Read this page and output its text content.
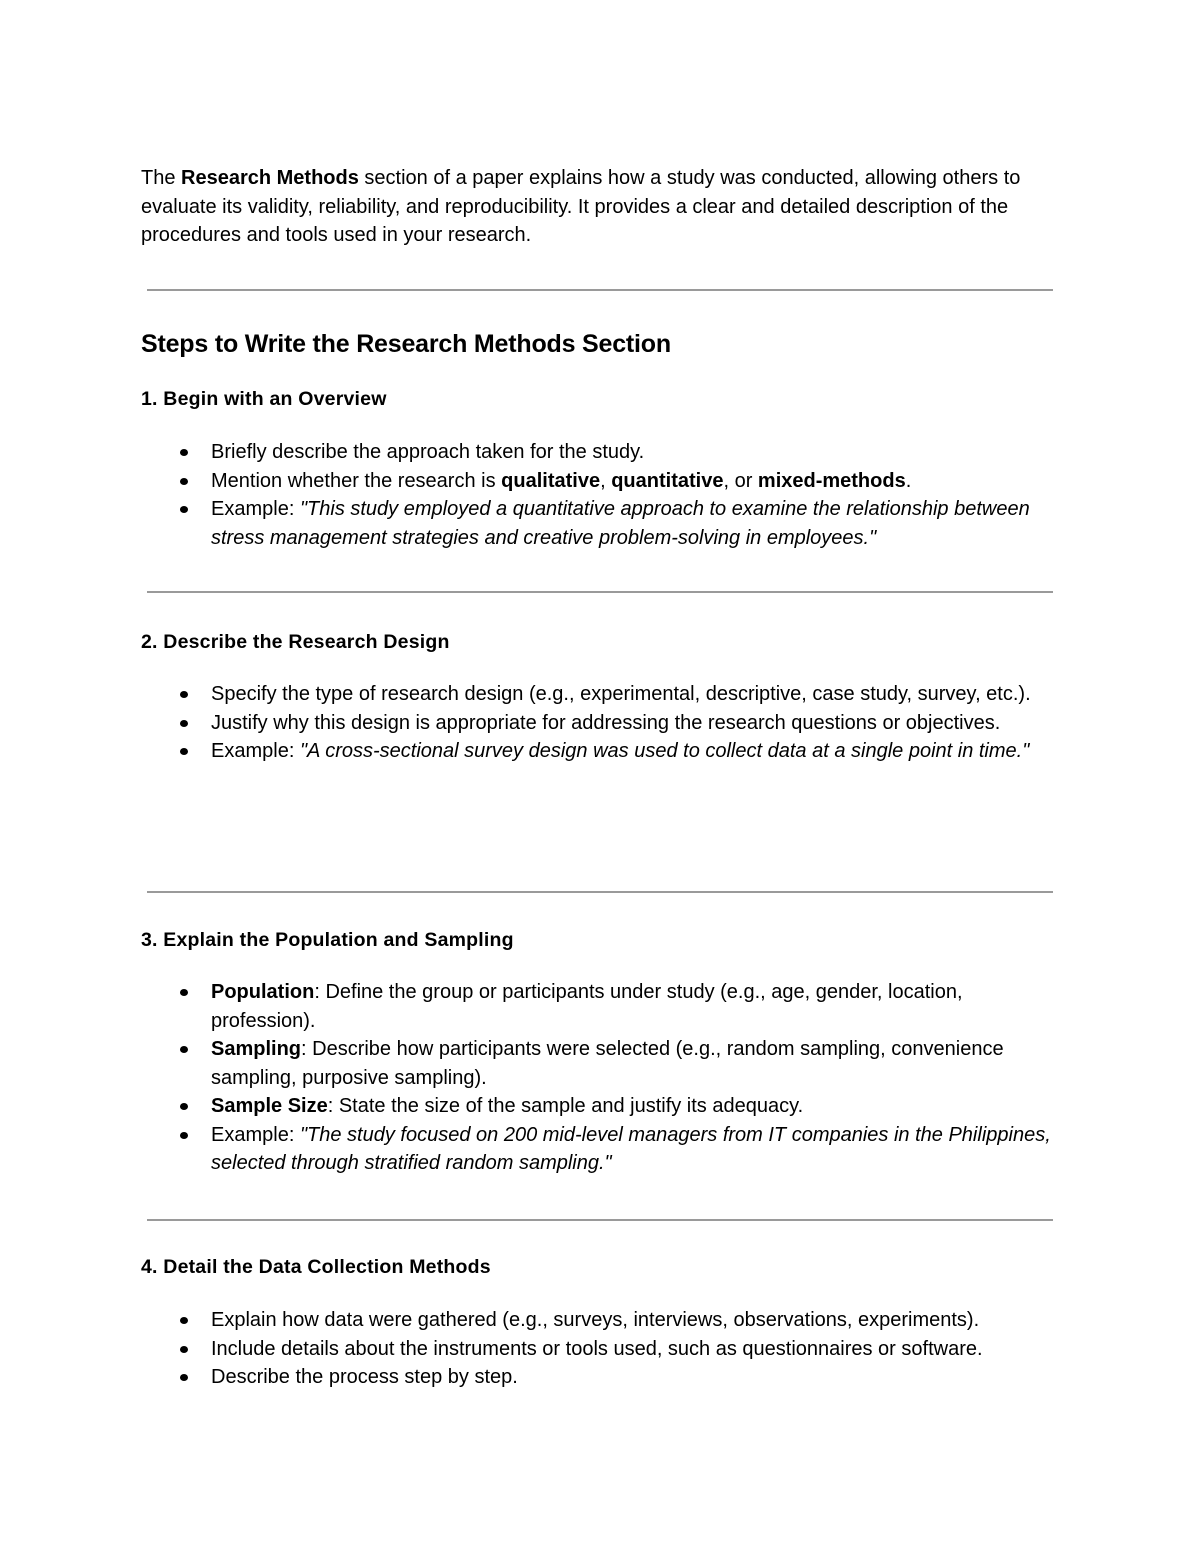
The Research Methods section of a paper explains how a study was conducted, allowing others to evaluate its validity, reliability, and reproducibility. It provides a clear and detailed description of the procedures and tools used in your research.

Steps to Write the Research Methods Section
1. Begin with an Overview
Briefly describe the approach taken for the study.
Mention whether the research is qualitative, quantitative, or mixed-methods.
Example: "This study employed a quantitative approach to examine the relationship between stress management strategies and creative problem-solving in employees."
2. Describe the Research Design
Specify the type of research design (e.g., experimental, descriptive, case study, survey, etc.).
Justify why this design is appropriate for addressing the research questions or objectives.
Example: "A cross-sectional survey design was used to collect data at a single point in time."
3. Explain the Population and Sampling
Population: Define the group or participants under study (e.g., age, gender, location, profession).
Sampling: Describe how participants were selected (e.g., random sampling, convenience sampling, purposive sampling).
Sample Size: State the size of the sample and justify its adequacy.
Example: "The study focused on 200 mid-level managers from IT companies in the Philippines, selected through stratified random sampling."
4. Detail the Data Collection Methods
Explain how data were gathered (e.g., surveys, interviews, observations, experiments).
Include details about the instruments or tools used, such as questionnaires or software.
Describe the process step by step.
